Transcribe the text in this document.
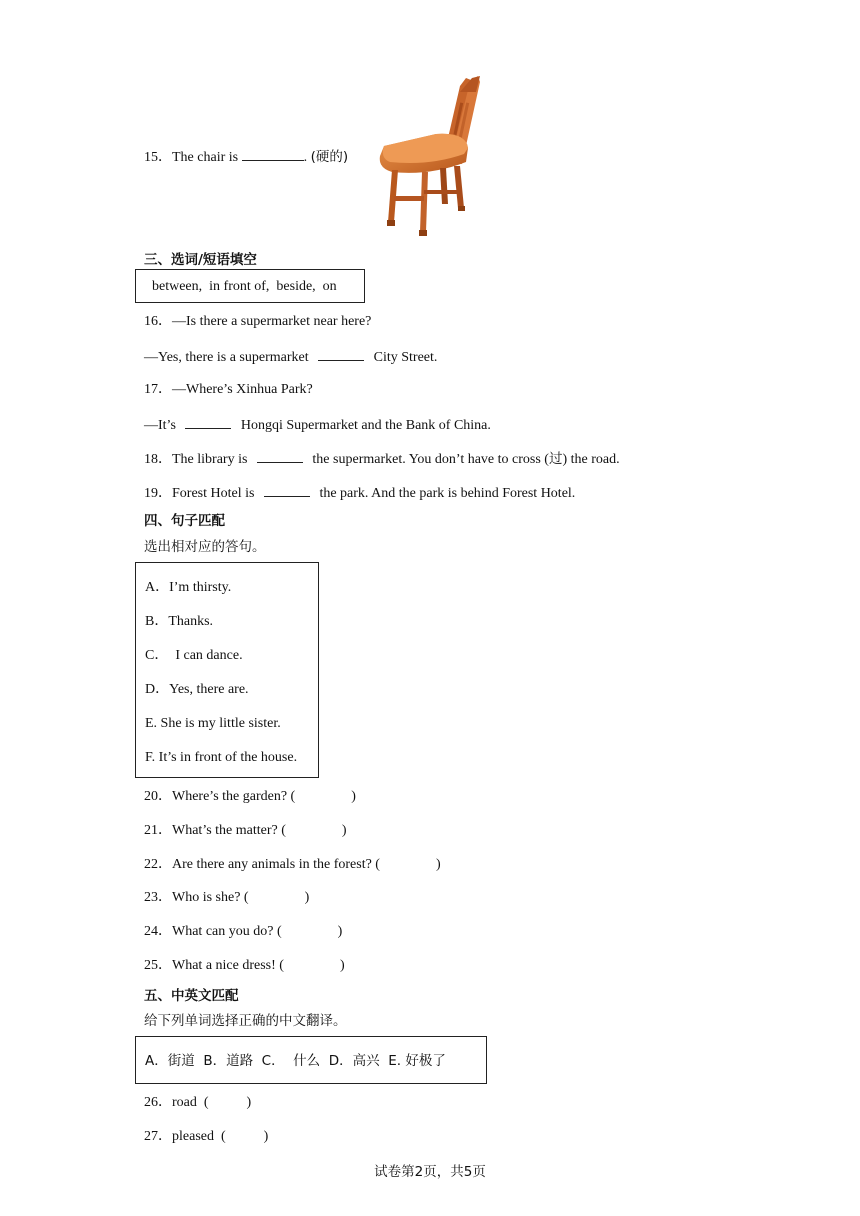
15．The chair is	. (硬的)
三、选词/短语填空
between,  in front of,  beside,  on
16．—Is there a supermarket near here?
—Yes, there is a supermarket	City Street.
17．—Where’s Xinhua Park?
—It’s	Hongqi Supermarket and the Bank of China.
18．The library is	the supermarket. You don’t have to cross (过) the road.
19．Forest Hotel is	the park. And the park is behind Forest Hotel.
四、句子匹配
选出相对应的答句。
A．I’m thirsty.
B．Thanks.
C．  I can dance.
D．Yes, there are.
E. She is my little sister.
F. It’s in front of the house.
20．Where’s the garden? (	)
21．What’s the matter? (	)
22．Are there any animals in the forest? (	)
23．Who is she? (	)
24．What can you do? (	)
25．What a nice dress! (	)
五、中英文匹配
给下列单词选择正确的中文翻译。
A．街道  B．道路  C．  什么  D．高兴  E. 好极了
26．road  (	)
27．pleased  (	)
试卷第2页，共5页
